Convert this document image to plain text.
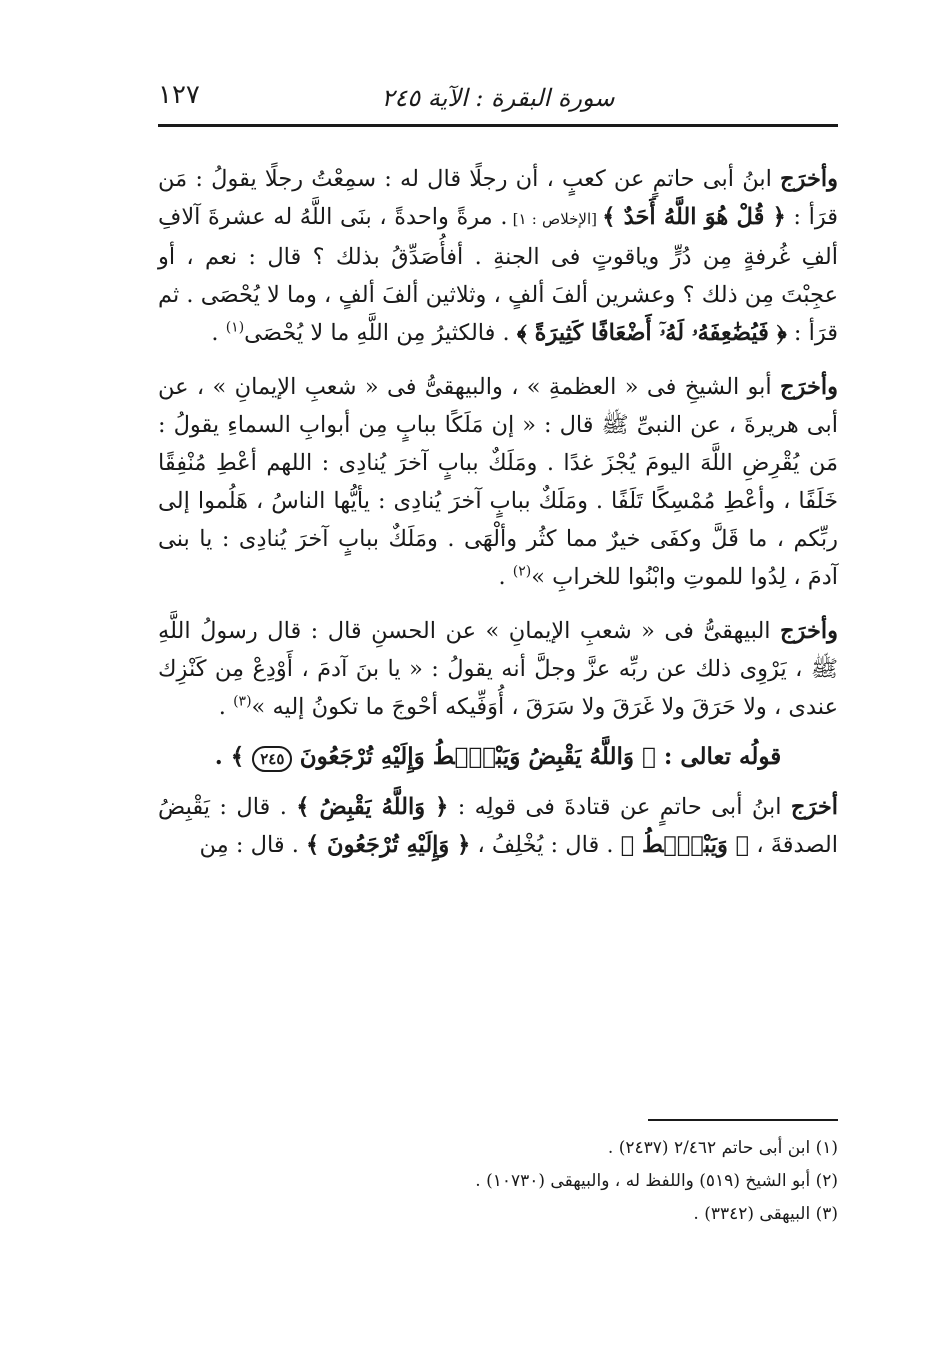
سورة البقرة : الآية ٢٤٥
١٢٧

وأخرَج ابنُ أبى حاتمٍ عن كعبٍ ، أن رجلًا قال له : سمِعْتُ رجلًا يقولُ : مَن قرَأ : ﴿ قُلْ هُوَ اللَّهُ أَحَدٌ ﴾ [الإخلاص : ١] . مرةً واحدةً ، بنَى اللَّهُ له عشرةَ آلافِ ألفِ غُرفةٍ مِن دُرٍّ وياقوتٍ فى الجنةِ . أفأُصَدِّقُ بذلك ؟ قال : نعم ، أو عجِبْتَ مِن ذلك ؟ وعشرين ألفَ ألفٍ ، وثلاثين ألفَ ألفٍ ، وما لا يُحْصَى . ثم قرَأ : ﴿ فَيُضَٰعِفَهُۥ لَهُۥٓ أَضْعَافًا كَثِيرَةً ﴾ . فالكثيرُ مِن اللَّهِ ما لا يُحْصَى$^{(١)}$ .

وأخرَج أبو الشيخِ فى « العظمةِ » ، والبيهقىُّ فى « شعبِ الإيمانِ » ، عن أبى هريرةَ ، عن النبىِّ ﷺ قال : « إن مَلَكًا ببابٍ مِن أبوابِ السماءِ يقولُ : مَن يُقْرِضِ اللَّهَ اليومَ يُجْزَ غدًا . ومَلَكٌ ببابٍ آخرَ يُنادِى : اللهم أعْطِ مُنْفِقًا خَلَفًا ، وأعْطِ مُمْسِكًا تَلَفًا . ومَلَكٌ ببابٍ آخرَ يُنادِى : يأيُّها الناسُ ، هَلُموا إلى ربِّكم ، ما قَلَّ وكفَى خيرٌ مما كثُر وألْهَى . ومَلَكٌ ببابٍ آخرَ يُنادِى : يا بنى آدمَ ، لِدُوا للموتِ وابْنُوا للخرابِ »$^{(٢)}$ .

وأخرَج البيهقىُّ فى « شعبِ الإيمانِ » عن الحسنِ قال : قال رسولُ اللَّهِ ﷺ ، يَرْوِى ذلك عن ربِّه عزَّ وجلَّ أنه يقولُ : « يا بنَ آدمَ ، أَوْدِعْ مِن كَنْزِك عندى ، ولا حَرَقَ ولا غَرَقَ ولا سَرَقَ ، أُوَفِّيكه أحْوجَ ما تكونُ إليه »$^{(٣)}$ .

قولُه تعالى : ﴿ وَاللَّهُ يَقْبِضُ وَيَبْصُۜطُ وَإِلَيْهِ تُرْجَعُونَ ٢٤٥ ﴾ .

أخرَج ابنُ أبى حاتمٍ عن قتادةَ فى قولِه : ﴿ وَاللَّهُ يَقْبِضُ ﴾ . قال : يَقْبِضُ الصدقةَ ، ﴿ وَيَبْصُۜطُ ﴾ . قال : يُخْلِفُ ، ﴿ وَإِلَيْهِ تُرْجَعُونَ ﴾ . قال : مِن

(١) ابن أبى حاتم ٢/٤٦٢ (٢٤٣٧) .

(٢) أبو الشيخ (٥١٩) واللفظ له ، والبيهقى (١٠٧٣٠) .

(٣) البيهقى (٣٣٤٢) .
